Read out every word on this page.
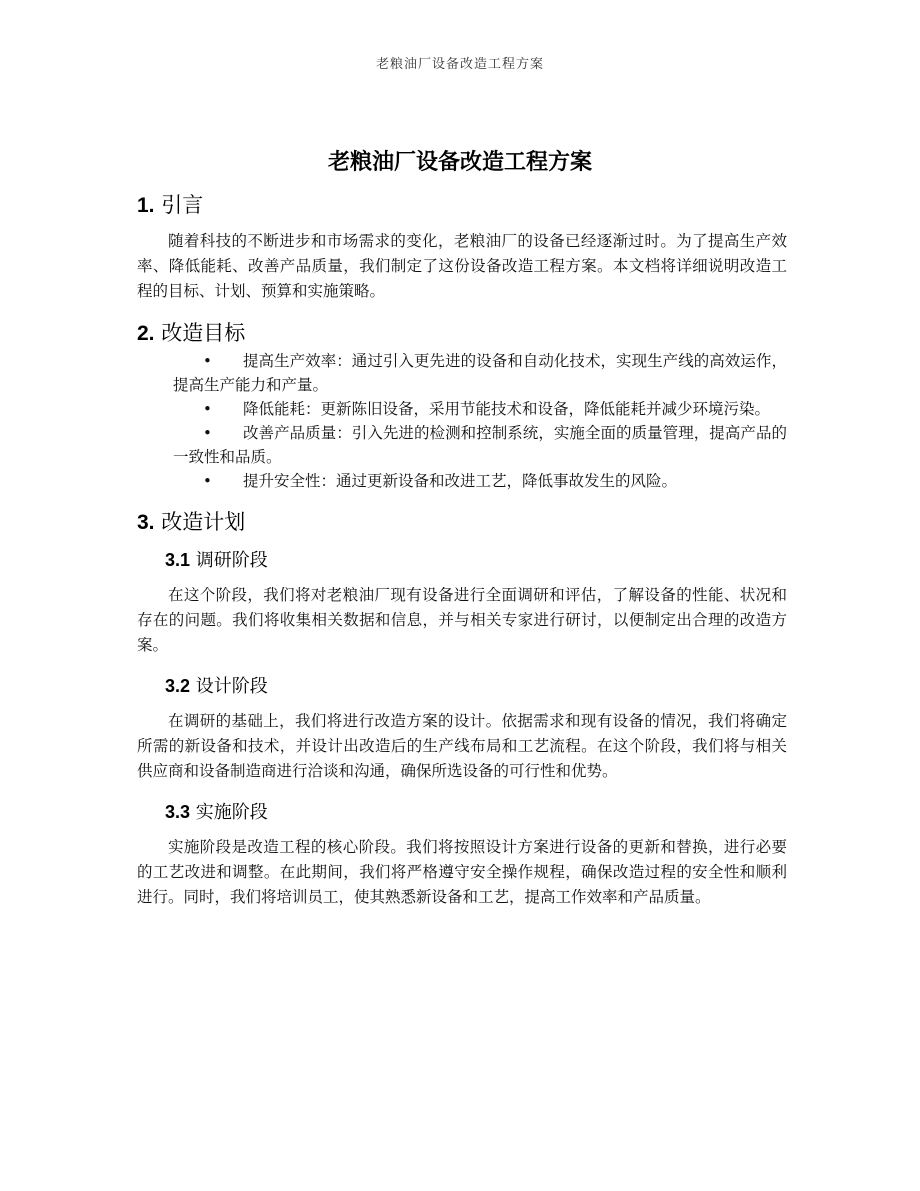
老粮油厂设备改造工程方案
老粮油厂设备改造工程方案
1. 引言

随着科技的不断进步和市场需求的变化，老粮油厂的设备已经逐渐过时。为了提高生产效率、降低能耗、改善产品质量，我们制定了这份设备改造工程方案。本文档将详细说明改造工程的目标、计划、预算和实施策略。

2. 改造目标
• 提高生产效率：通过引入更先进的设备和自动化技术，实现生产线的高效运作，提高生产能力和产量。
• 降低能耗：更新陈旧设备，采用节能技术和设备，降低能耗并减少环境污染。
• 改善产品质量：引入先进的检测和控制系统，实施全面的质量管理，提高产品的一致性和品质。
• 提升安全性：通过更新设备和改进工艺，降低事故发生的风险。
3. 改造计划
3.1 调研阶段

在这个阶段，我们将对老粮油厂现有设备进行全面调研和评估，了解设备的性能、状况和存在的问题。我们将收集相关数据和信息，并与相关专家进行研讨，以便制定出合理的改造方案。

3.2 设计阶段

在调研的基础上，我们将进行改造方案的设计。依据需求和现有设备的情况，我们将确定所需的新设备和技术，并设计出改造后的生产线布局和工艺流程。在这个阶段，我们将与相关供应商和设备制造商进行洽谈和沟通，确保所选设备的可行性和优势。

3.3 实施阶段

实施阶段是改造工程的核心阶段。我们将按照设计方案进行设备的更新和替换，进行必要的工艺改进和调整。在此期间，我们将严格遵守安全操作规程，确保改造过程的安全性和顺利进行。同时，我们将培训员工，使其熟悉新设备和工艺，提高工作效率和产品质量。
